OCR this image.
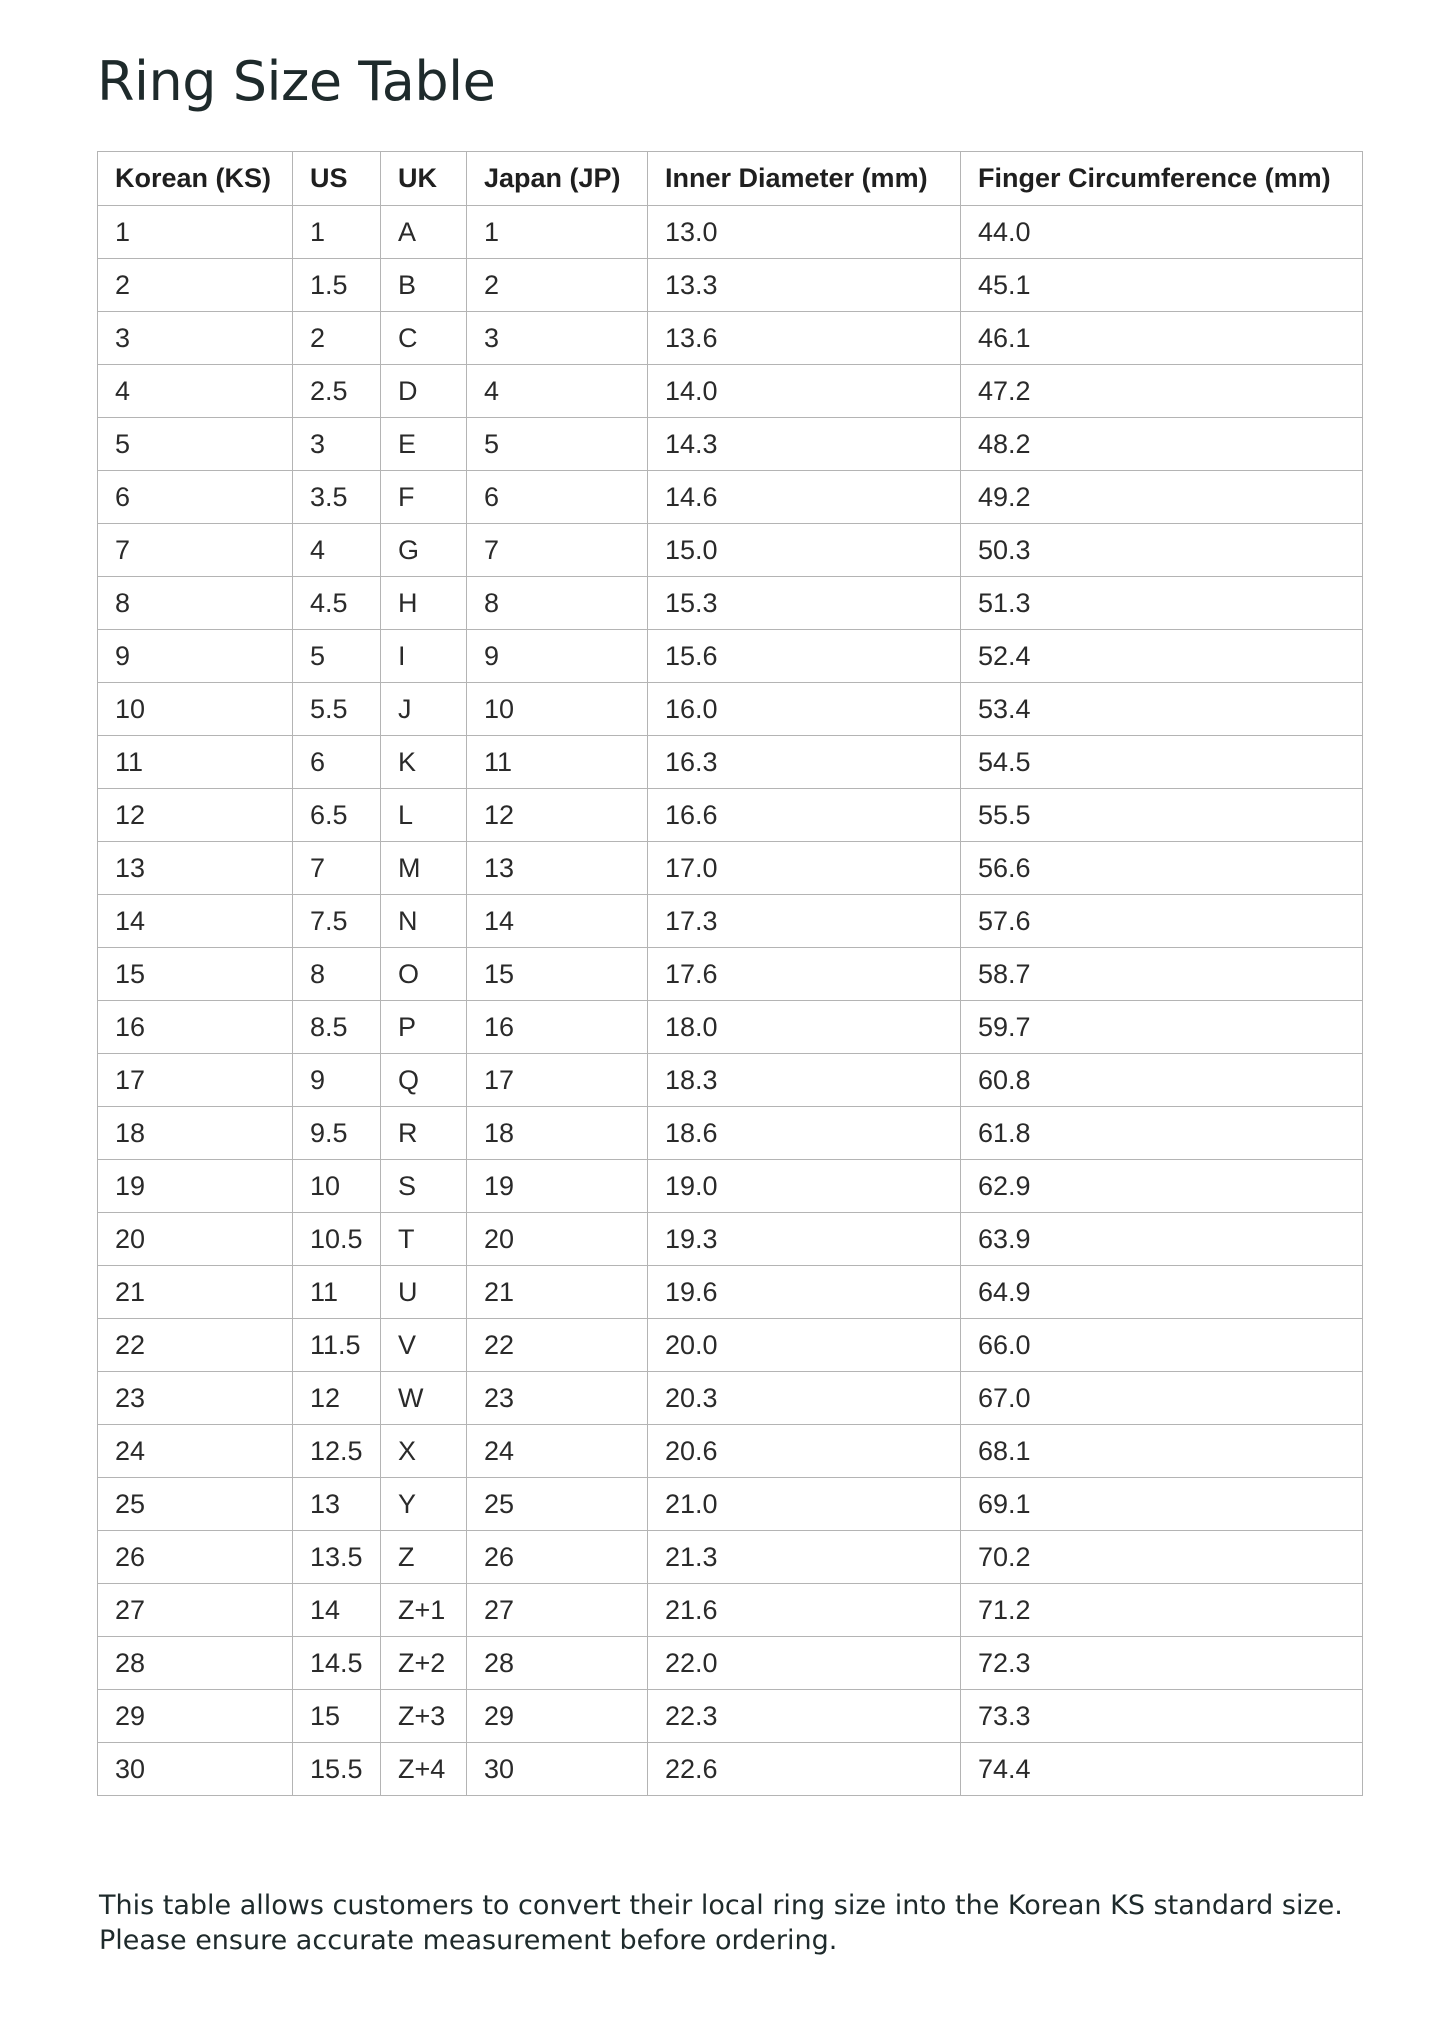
Ring Size Table
Korean (KS)	US	UK	Japan (JP)	Inner Diameter (mm)	Finger Circumference (mm)
1	1	A	1	13.0	44.0
2	1.5	B	2	13.3	45.1
3	2	C	3	13.6	46.1
4	2.5	D	4	14.0	47.2
5	3	E	5	14.3	48.2
6	3.5	F	6	14.6	49.2
7	4	G	7	15.0	50.3
8	4.5	H	8	15.3	51.3
9	5	I	9	15.6	52.4
10	5.5	J	10	16.0	53.4
11	6	K	11	16.3	54.5
12	6.5	L	12	16.6	55.5
13	7	M	13	17.0	56.6
14	7.5	N	14	17.3	57.6
15	8	O	15	17.6	58.7
16	8.5	P	16	18.0	59.7
17	9	Q	17	18.3	60.8
18	9.5	R	18	18.6	61.8
19	10	S	19	19.0	62.9
20	10.5	T	20	19.3	63.9
21	11	U	21	19.6	64.9
22	11.5	V	22	20.0	66.0
23	12	W	23	20.3	67.0
24	12.5	X	24	20.6	68.1
25	13	Y	25	21.0	69.1
26	13.5	Z	26	21.3	70.2
27	14	Z+1	27	21.6	71.2
28	14.5	Z+2	28	22.0	72.3
29	15	Z+3	29	22.3	73.3
30	15.5	Z+4	30	22.6	74.4

This table allows customers to convert their local ring size into the Korean KS standard size.

Please ensure accurate measurement before ordering.
